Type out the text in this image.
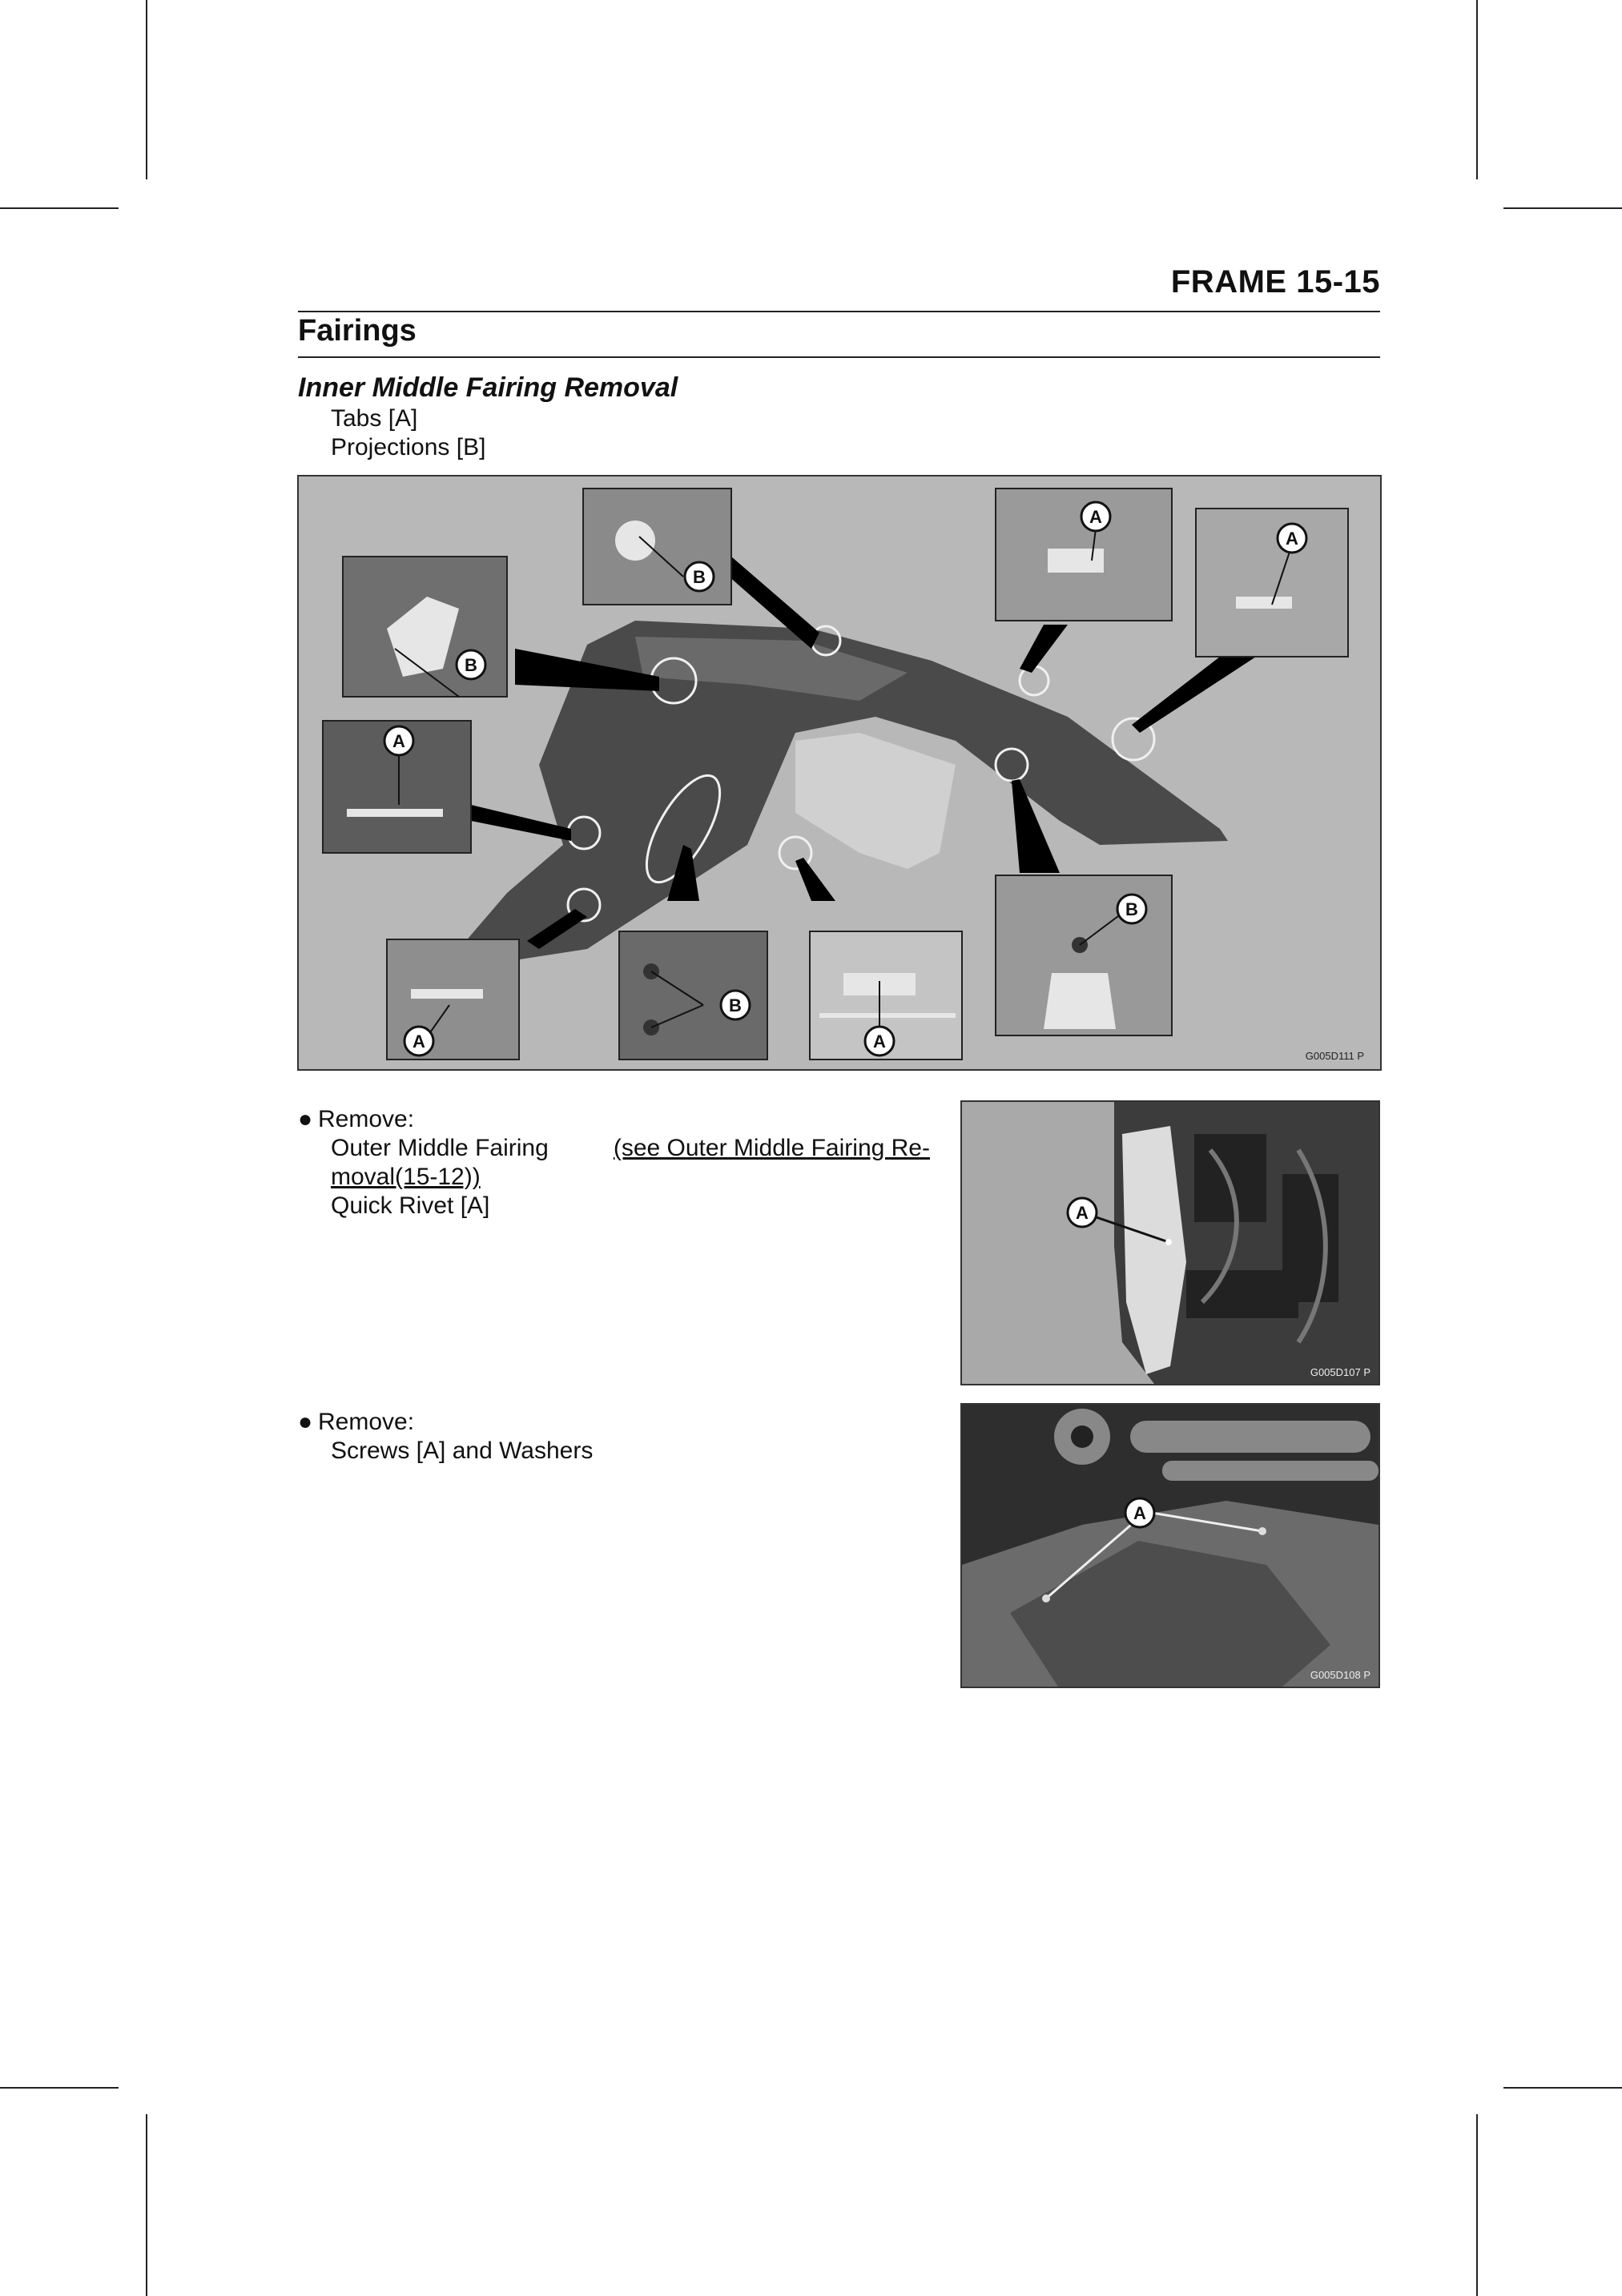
FRAME 15-15
Fairings
Inner Middle Fairing Removal
Tabs [A]
Projections [B]
B
B
A
A
A
A
B
A
B
G005D111 P
● Remove:
Outer Middle Fairing	(see Outer Middle Fairing Re-
moval(15-12))
Quick Rivet [A]	A
G005D107 P
● Remove:
Screws [A] and Washers
A
G005D108 P
